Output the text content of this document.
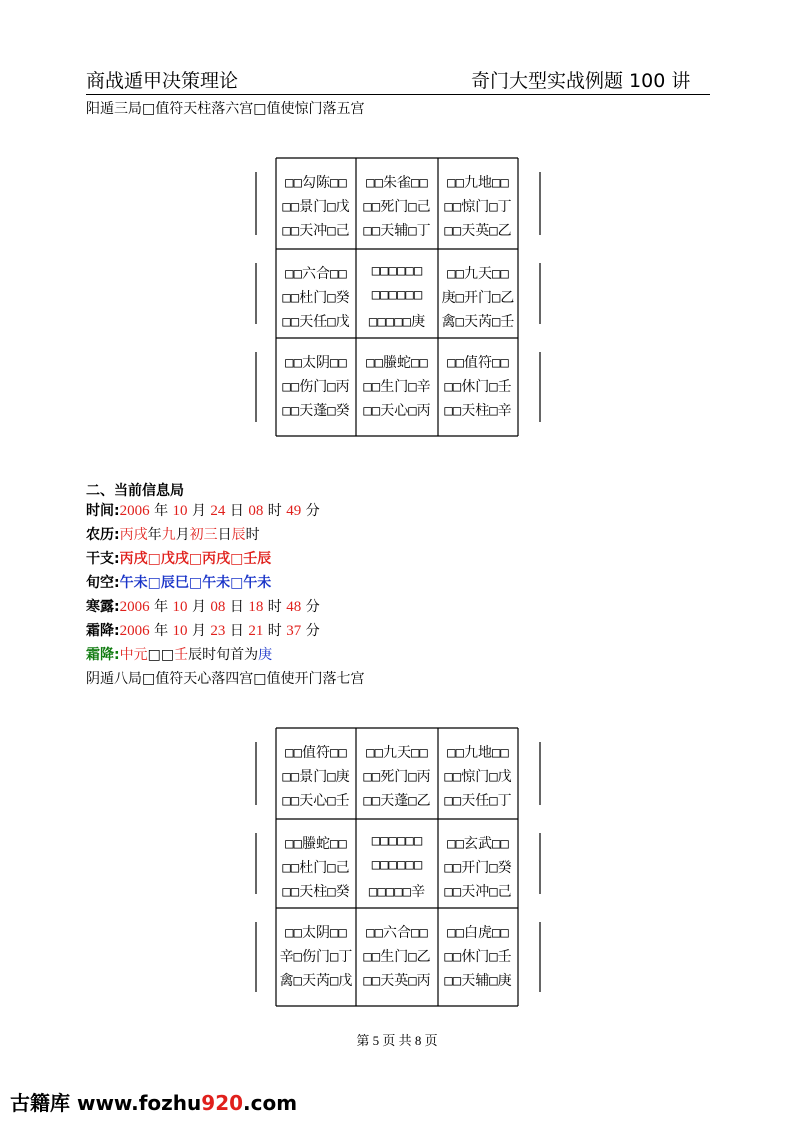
商战遁甲决策理论	奇门大型实战例题 100 讲
阳遁三局□值符天柱落六宫□值使惊门落五宫
□□勾陈□□	□□朱雀□□	□□九地□□
□□景门□戊 □□死门□己 □□惊门□丁
□□天冲□己 □□天辅□丁 □□天英□乙
□□六合□□	□□□□□□	□□九天□□
□□杜门□癸	□□□□□□	庚□开门□乙
□□天任□戊	□□□□□庚	禽□天芮□壬
□□太阴□□	□□螣蛇□□	□□值符□□
□□伤门□丙 □□生门□辛 □□休门□壬
□□天蓬□癸 □□天心□丙 □□天柱□辛
二、当前信息局
时间:2006 年 10 月 24 日 08 时 49 分
农历:丙戌年九月初三日辰时
干支:丙戌□戊戌□丙戌□壬辰
旬空:午未□辰巳□午未□午未
寒露:2006 年 10 月 08 日 18 时 48 分
霜降:2006 年 10 月 23 日 21 时 37 分
霜降:中元□□壬辰时旬首为庚
阴遁八局□值符天心落四宫□值使开门落七宫
□□值符□□	□□九天□□	□□九地□□
□□景门□庚 □□死门□丙 □□惊门□戊
□□天心□壬 □□天蓬□乙 □□天任□丁
□□螣蛇□□	□□□□□□	□□玄武□□
□□杜门□己	□□□□□□	□□开门□癸
□□天柱□癸	□□□□□辛	□□天冲□己
□□太阴□□	□□六合□□	□□白虎□□
辛□伤门□丁 □□生门□乙 □□休门□壬
禽□天芮□戊 □□天英□丙 □□天辅□庚
第 5 页 共 8 页
古籍库 www.fozhu920.com
